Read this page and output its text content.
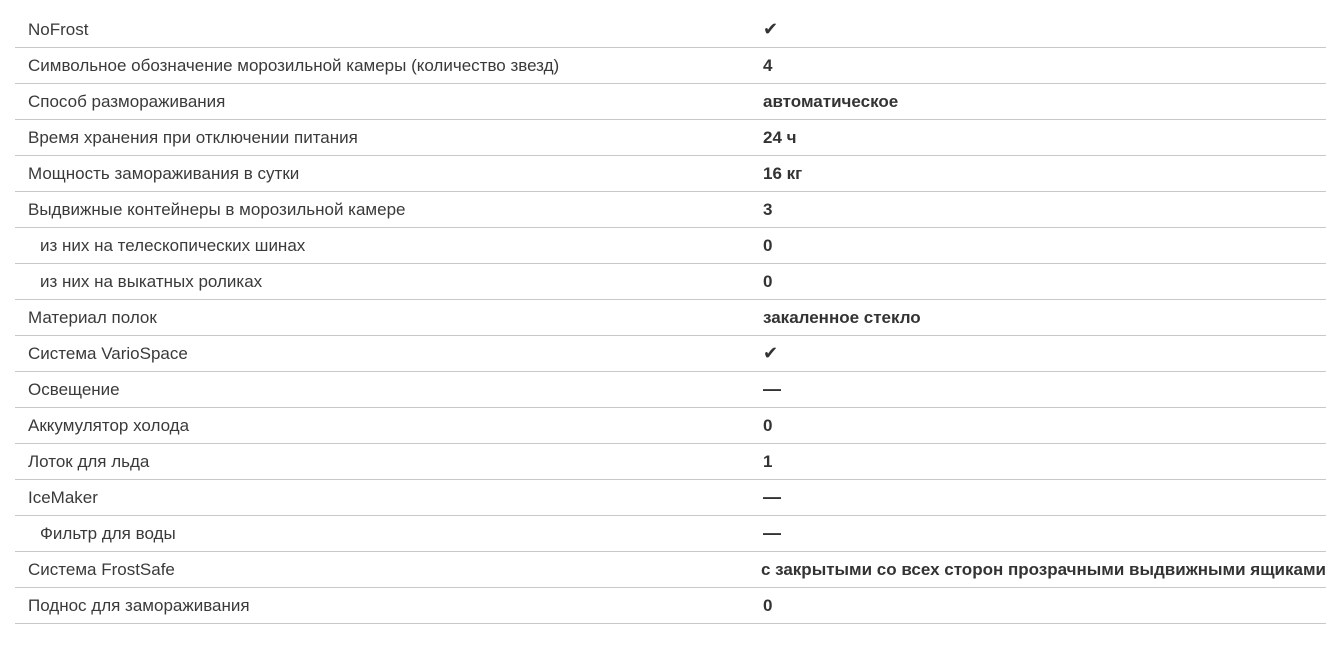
NoFrost	✔
Символьное обозначение морозильной камеры (количество звезд)	4
Способ размораживания	автоматическое
Время хранения при отключении питания	24 ч
Мощность замораживания в сутки	16 кг
Выдвижные контейнеры в морозильной камере	3
из них на телескопических шинах	0
из них на выкатных роликах	0
Материал полок	закаленное стекло
Система VarioSpace	✔
Освещение	—
Аккумулятор холода	0
Лоток для льда	1
IceMaker	—
Фильтр для воды	—
Система FrostSafe	с закрытыми со всех сторон прозрачными выдвижными ящиками
Поднос для замораживания	0
